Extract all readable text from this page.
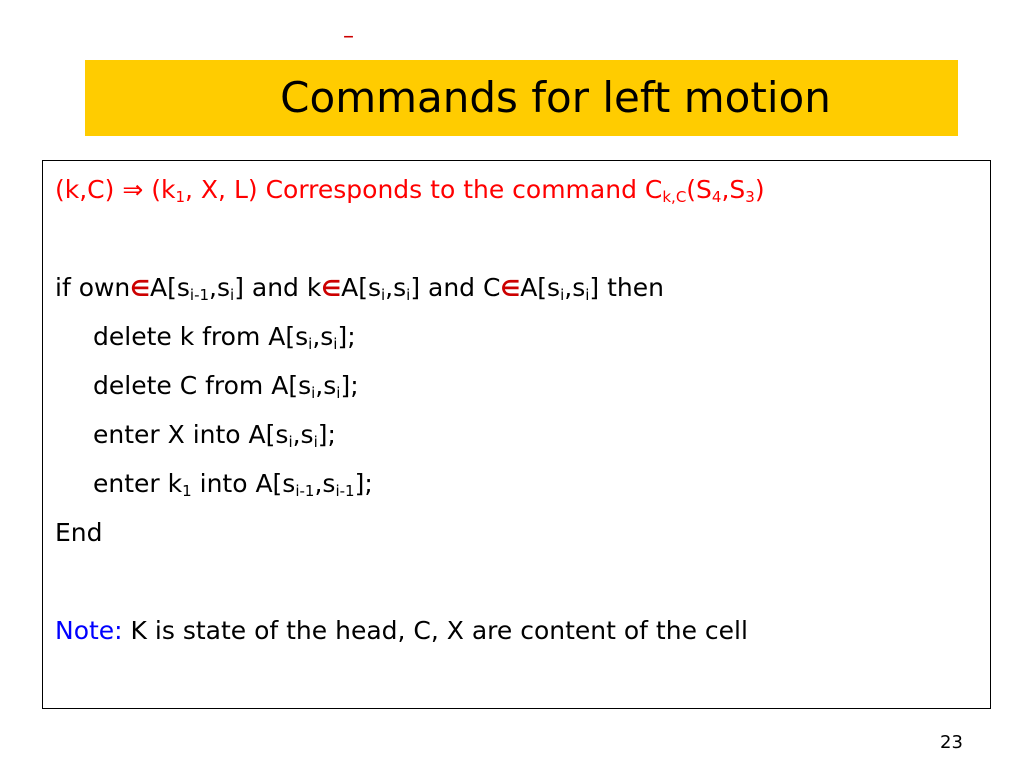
–
Commands for left motion
(k,C) ⇒ ($k_1$, X, L) Corresponds to the command $C_{k,C}(S_4,S_3)$
if $own\in A[s_{i-1},s_i]$ and $k\in A[s_i,s_i]$ and $C\in A[s_i,s_i]$ then
delete k from $A[s_i,s_i]$;
delete C from $A[s_i,s_i]$;
enter X into $A[s_i,s_i]$;
enter $k_1$ into $A[s_{i-1},s_{i-1}]$;
End
Note: K is state of the head, C, X are content of the cell
23
